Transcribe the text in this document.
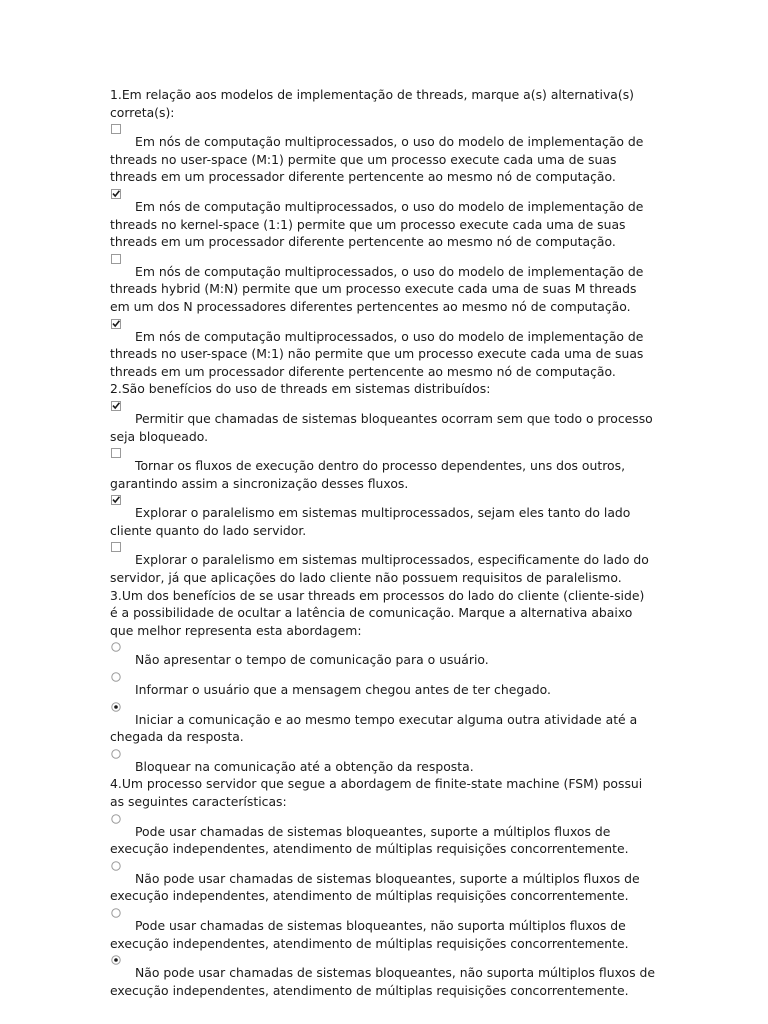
1.Em relação aos modelos de implementação de threads, marque a(s) alternativa(s) correta(s):

Em nós de computação multiprocessados, o uso do modelo de implementação de threads no user-space (M:1) permite que um processo execute cada uma de suas threads em um processador diferente pertencente ao mesmo nó de computação.
Em nós de computação multiprocessados, o uso do modelo de implementação de threads no kernel-space (1:1) permite que um processo execute cada uma de suas threads em um processador diferente pertencente ao mesmo nó de computação.
Em nós de computação multiprocessados, o uso do modelo de implementação de threads hybrid (M:N) permite que um processo execute cada uma de suas M threads em um dos N processadores diferentes pertencentes ao mesmo nó de computação.
Em nós de computação multiprocessados, o uso do modelo de implementação de threads no user-space (M:1) não permite que um processo execute cada uma de suas threads em um processador diferente pertencente ao mesmo nó de computação.

2.São benefícios do uso de threads em sistemas distribuídos:

Permitir que chamadas de sistemas bloqueantes ocorram sem que todo o processo seja bloqueado.
Tornar os fluxos de execução dentro do processo dependentes, uns dos outros, garantindo assim a sincronização desses fluxos.
Explorar o paralelismo em sistemas multiprocessados, sejam eles tanto do lado cliente quanto do lado servidor.
Explorar o paralelismo em sistemas multiprocessados, especificamente do lado do servidor, já que aplicações do lado cliente não possuem requisitos de paralelismo.

3.Um dos benefícios de se usar threads em processos do lado do cliente (cliente-side) é a possibilidade de ocultar a latência de comunicação. Marque a alternativa abaixo que melhor representa esta abordagem:

Não apresentar o tempo de comunicação para o usuário.
Informar o usuário que a mensagem chegou antes de ter chegado.
Iniciar a comunicação e ao mesmo tempo executar alguma outra atividade até a chegada da resposta.
Bloquear na comunicação até a obtenção da resposta.

4.Um processo servidor que segue a abordagem de finite-state machine (FSM) possui as seguintes características:

Pode usar chamadas de sistemas bloqueantes, suporte a múltiplos fluxos de execução independentes, atendimento de múltiplas requisições concorrentemente.
Não pode usar chamadas de sistemas bloqueantes, suporte a múltiplos fluxos de execução independentes, atendimento de múltiplas requisições concorrentemente.
Pode usar chamadas de sistemas bloqueantes, não suporta múltiplos fluxos de execução independentes, atendimento de múltiplas requisições concorrentemente.
Não pode usar chamadas de sistemas bloqueantes, não suporta múltiplos fluxos de execução independentes, atendimento de múltiplas requisições concorrentemente.
